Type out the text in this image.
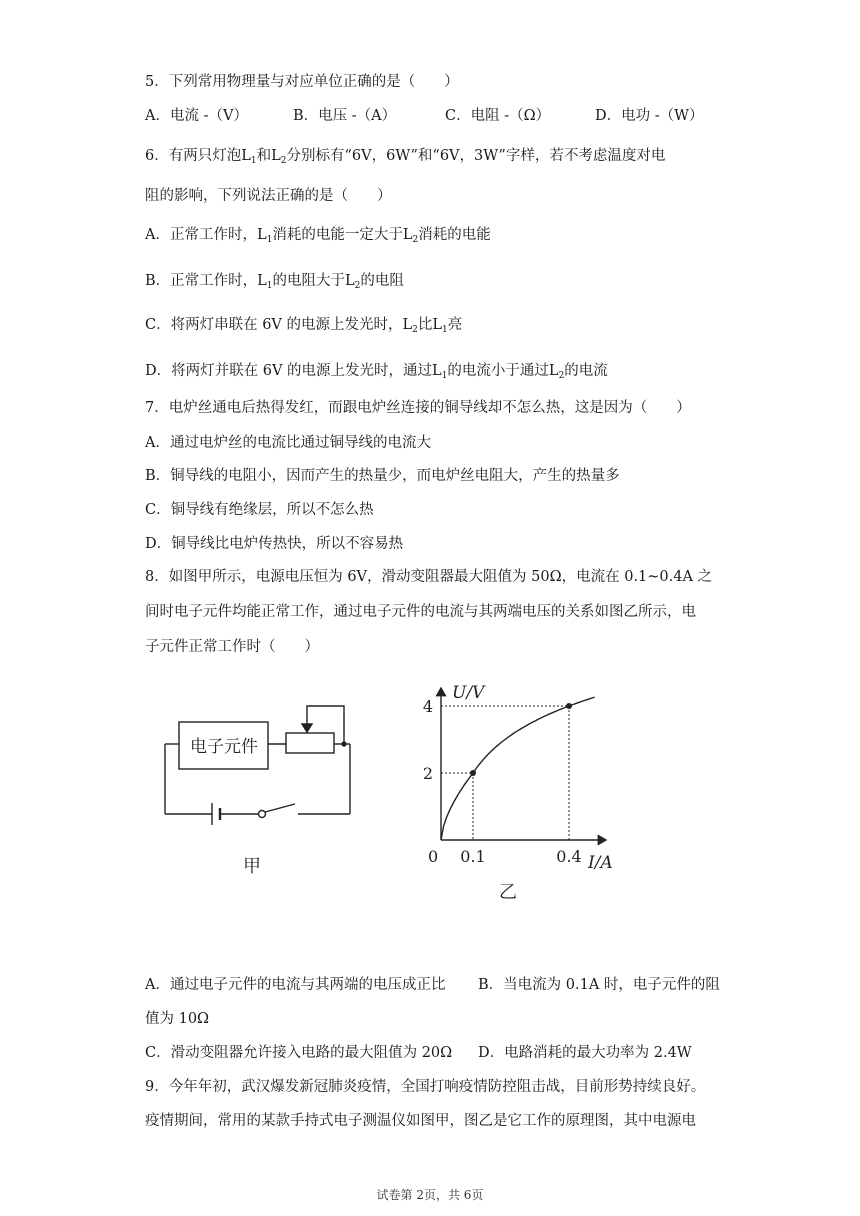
5．下列常用物理量与对应单位正确的是（　　）
A．电流 -（V）	B．电压 -（A）	C．电阻 -（Ω）	D．电功 -（W）
6．有两只灯泡$L_1$和$L_2$分别标有“6V，6W”和“6V，3W”字样，若不考虑温度对电
阻的影响，下列说法正确的是（　　）
A．正常工作时，$L_1$消耗的电能一定大于$L_2$消耗的电能
B．正常工作时，$L_1$的电阻大于$L_2$的电阻
C．将两灯串联在 6V 的电源上发光时，$L_2$比$L_1$亮
D．将两灯并联在 6V 的电源上发光时，通过$L_1$的电流小于通过$L_2$的电流
7．电炉丝通电后热得发红，而跟电炉丝连接的铜导线却不怎么热，这是因为（　　）
A．通过电炉丝的电流比通过铜导线的电流大
B．铜导线的电阻小，因而产生的热量少，而电炉丝电阻大，产生的热量多
C．铜导线有绝缘层，所以不怎么热
D．铜导线比电炉传热快，所以不容易热
8．如图甲所示，电源电压恒为 6V，滑动变阻器最大阻值为 50Ω，电流在 0.1~0.4A 之
间时电子元件均能正常工作，通过电子元件的电流与其两端电压的关系如图乙所示，电
子元件正常工作时（　　）
电子元件
甲
U/V
I/A
0
乙
0.1	0.4
2
4
A．通过电子元件的电流与其两端的电压成正比 B．当电流为 0.1A 时，电子元件的阻
值为 10Ω
C．滑动变阻器允许接入电路的最大阻值为 20Ω D．电路消耗的最大功率为 2.4W
9．今年年初，武汉爆发新冠肺炎疫情，全国打响疫情防控阻击战，目前形势持续良好。
疫情期间，常用的某款手持式电子测温仪如图甲，图乙是它工作的原理图，其中电源电
试卷第 2页，共 6页
